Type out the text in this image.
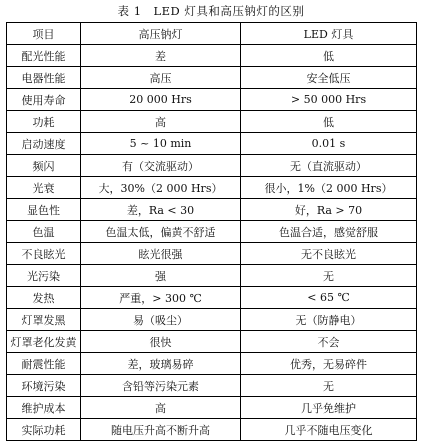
表 1　LED 灯具和高压钠灯的区别
项目	高压钠灯	LED 灯具
配光性能	差	低
电器性能	高压	安全低压
使用寿命	20 000 Hrs	> 50 000 Hrs
功耗	高	低
启动速度	5 ~ 10 min	0.01 s
频闪	有（交流驱动）	无（直流驱动）
光衰	大，30%（2 000 Hrs）	很小，1%（2 000 Hrs）
显色性	差，Ra < 30	好，Ra > 70
色温	色温太低，偏黄不舒适	色温合适，感觉舒服
不良眩光	眩光很强	无不良眩光
光污染	强	无
发热	严重，> 300 ℃	< 65 ℃
灯罩发黑	易（吸尘）	无（防静电）
灯罩老化发黄	很快	不会
耐震性能	差，玻璃易碎	优秀，无易碎件
环境污染	含铅等污染元素	无
维护成本	高	几乎免维护
实际功耗	随电压升高不断升高	几乎不随电压变化
